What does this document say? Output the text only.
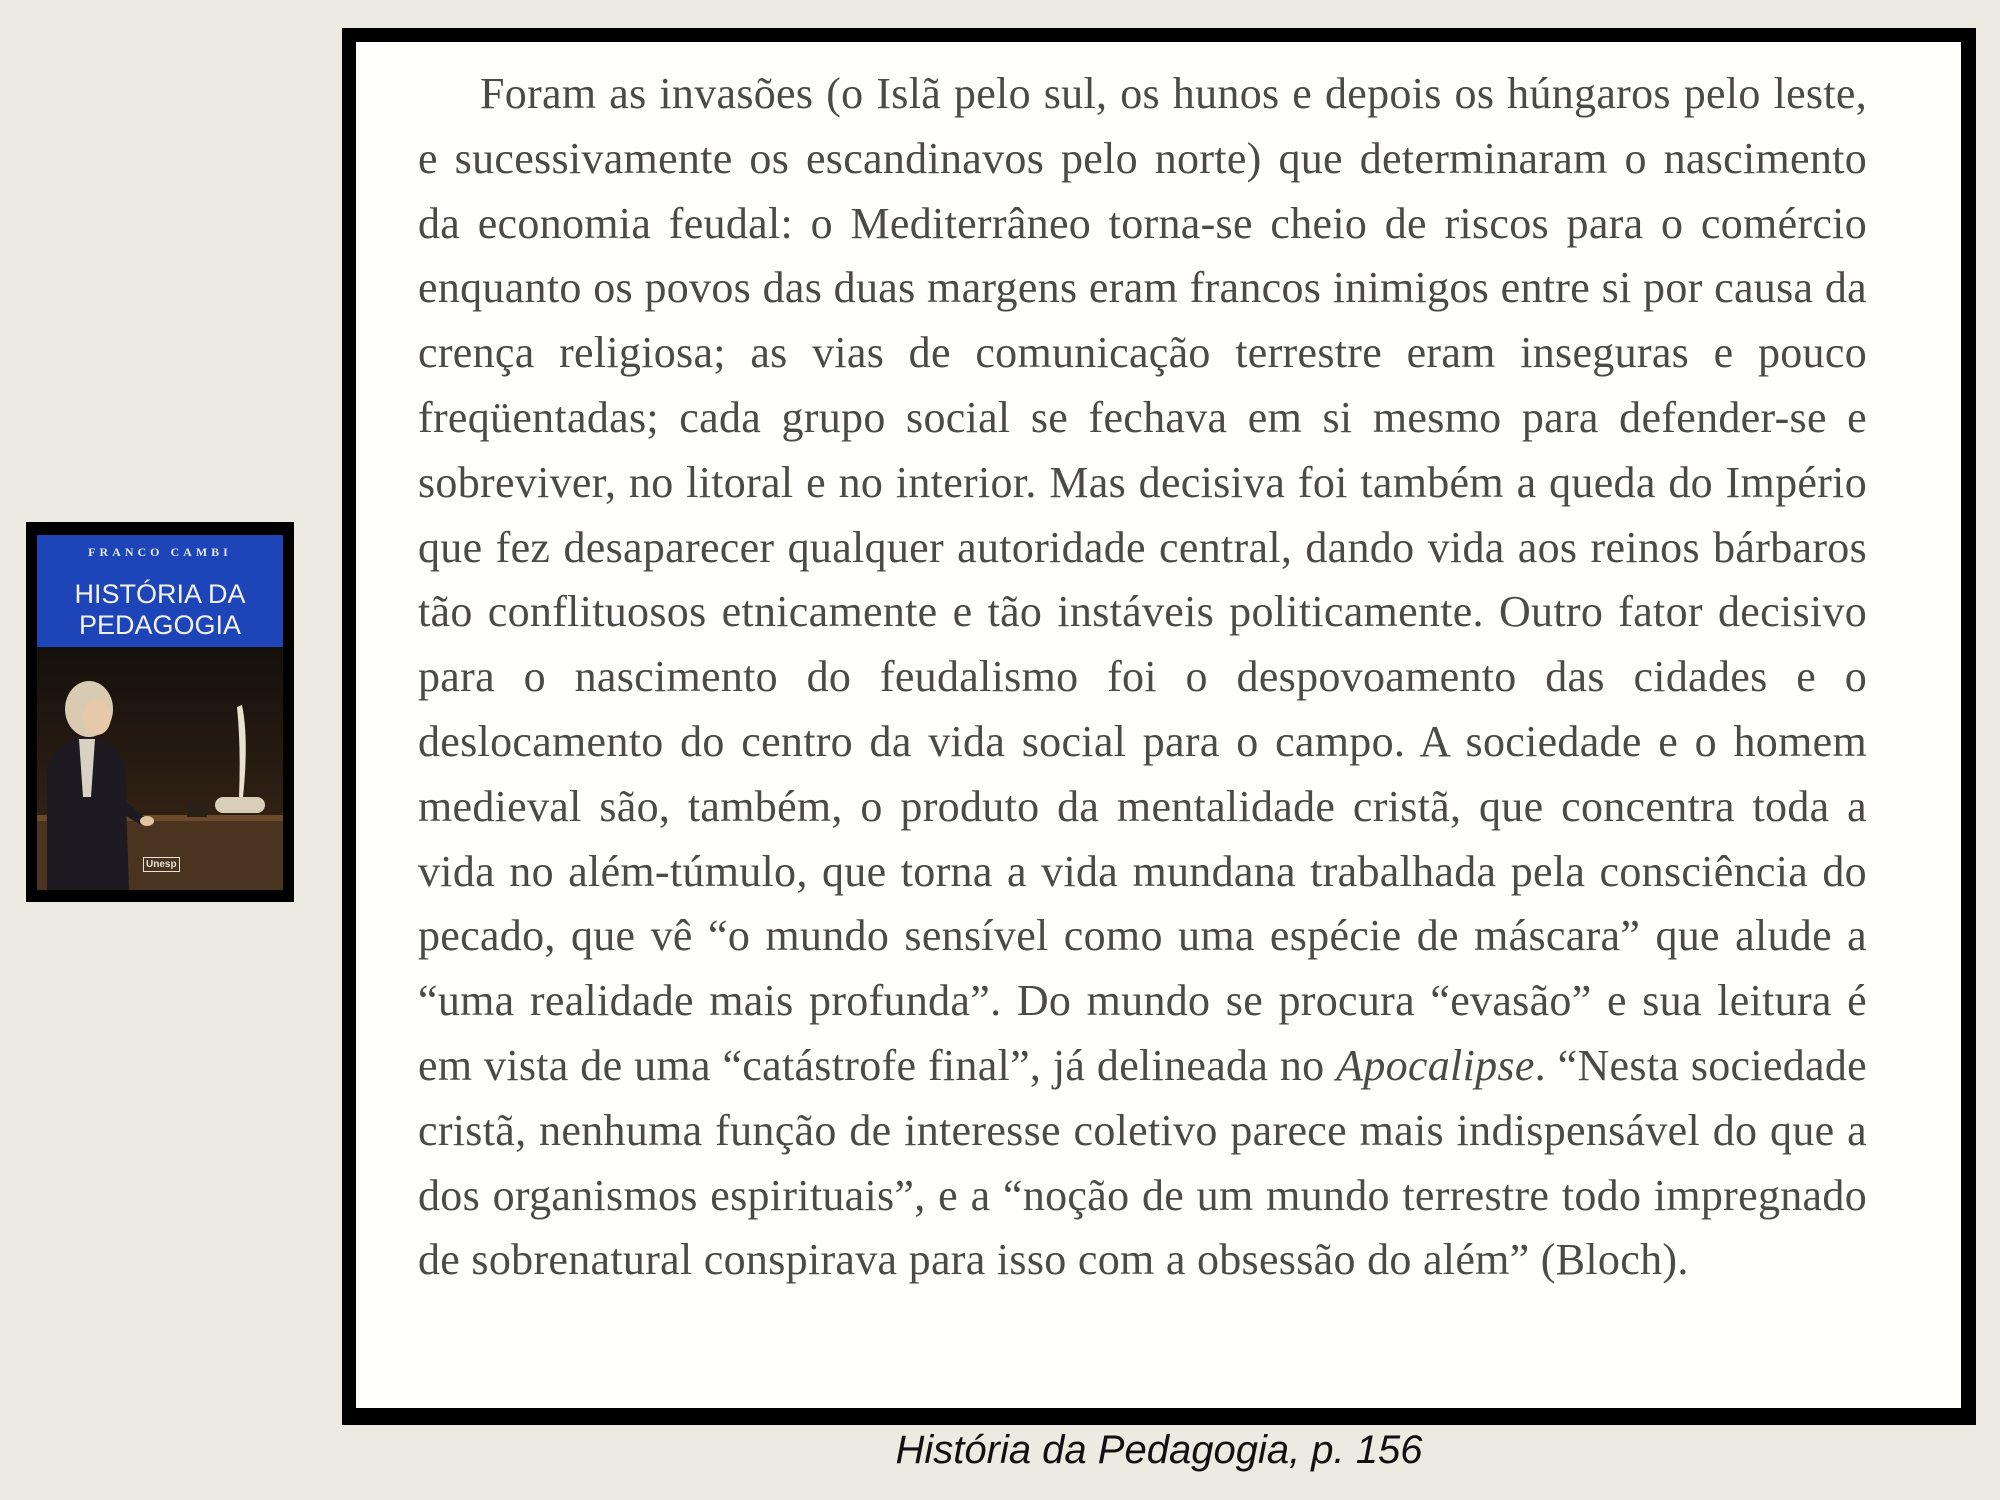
FRANCO CAMBI
HISTÓRIA DA
PEDAGOGIA
Unesp

Foram as invasões (o Islã pelo sul, os hunos e depois os húngaros pelo leste, e sucessivamente os escandinavos pelo norte) que determinaram o nascimento da economia feudal: o Mediterrâneo torna-se cheio de riscos para o comércio enquanto os povos das duas margens eram francos inimigos entre si por causa da crença religiosa; as vias de comunicação terrestre eram inseguras e pouco freqüentadas; cada grupo social se fechava em si mesmo para defender-se e sobreviver, no litoral e no interior. Mas decisiva foi também a queda do Império que fez desaparecer qualquer autoridade central, dando vida aos reinos bárbaros tão conflituosos etnicamente e tão instáveis politicamente. Outro fator decisivo para o nascimento do feudalismo foi o despovoamento das cidades e o deslocamento do centro da vida social para o campo. A sociedade e o homem medieval são, também, o produto da mentalidade cristã, que concentra toda a vida no além-túmulo, que torna a vida mundana trabalhada pela consciência do pecado, que vê “o mundo sensível como uma espécie de máscara” que alude a “uma realidade mais profunda”. Do mundo se procura “evasão” e sua leitura é em vista de uma “catástrofe final”, já delineada no Apocalipse. “Nesta sociedade cristã, nenhuma função de interesse coletivo parece mais indispensável do que a dos organismos espirituais”, e a “noção de um mundo terrestre todo impregnado de sobrenatural conspirava para isso com a obsessão do além” (Bloch).

História da Pedagogia, p. 156
